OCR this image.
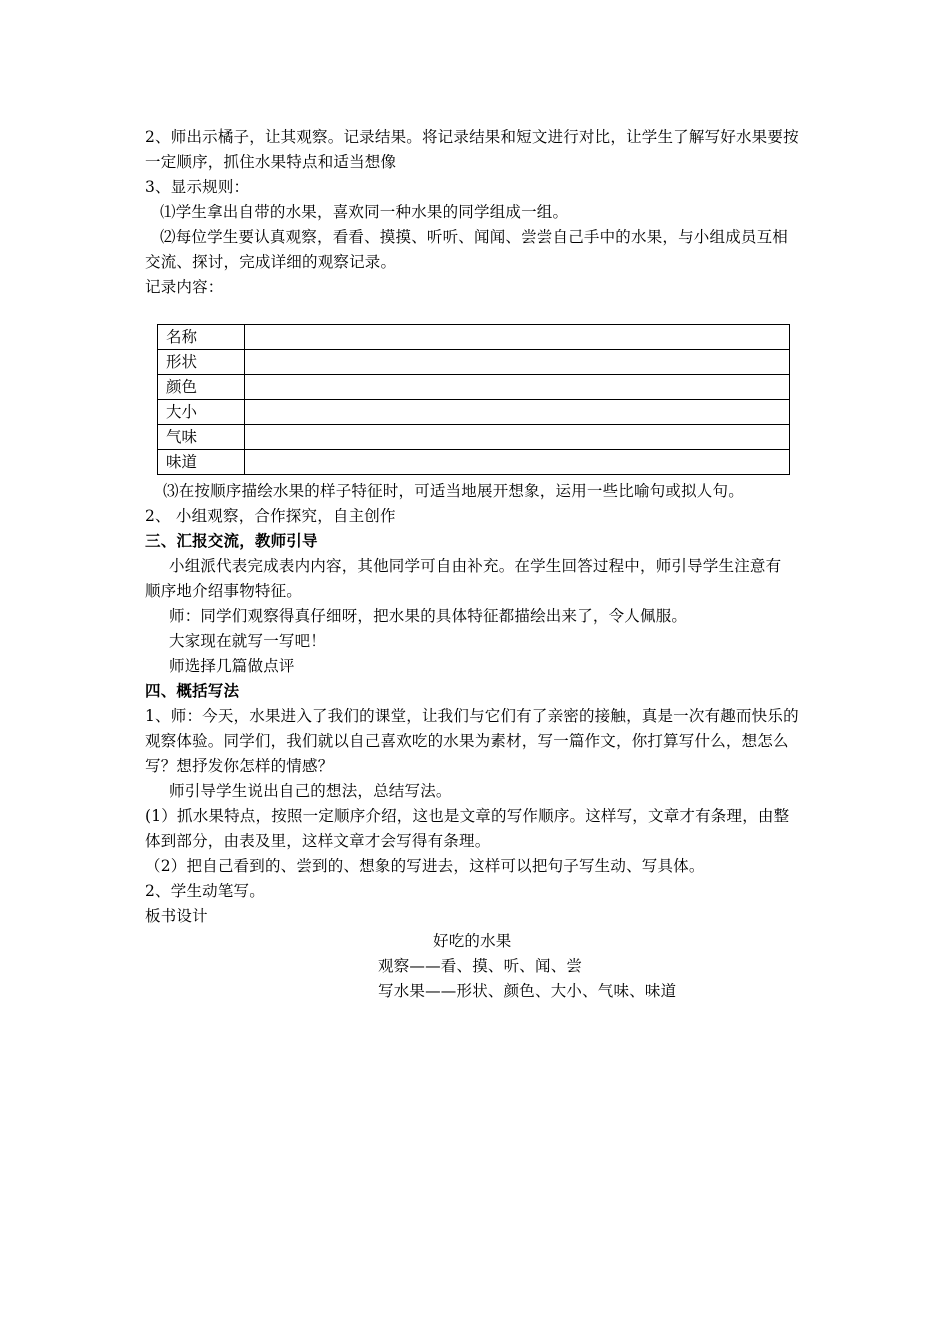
2、师出示橘子，让其观察。记录结果。将记录结果和短文进行对比，让学生了解写好水果要按
一定顺序，抓住水果特点和适当想像
3、显示规则：
⑴学生拿出自带的水果，喜欢同一种水果的同学组成一组。
⑵每位学生要认真观察，看看、摸摸、听听、闻闻、尝尝自己手中的水果，与小组成员互相
交流、探讨，完成详细的观察记录。
记录内容：
名称	
形状	
颜色	
大小	
气味	
味道	
⑶在按顺序描绘水果的样子特征时，可适当地展开想象，运用一些比喻句或拟人句。
2、 小组观察，合作探究，自主创作
三、汇报交流，教师引导
小组派代表完成表内内容，其他同学可自由补充。在学生回答过程中，师引导学生注意有
顺序地介绍事物特征。
师：同学们观察得真仔细呀，把水果的具体特征都描绘出来了，令人佩服。
大家现在就写一写吧！
师选择几篇做点评
四、概括写法
1、师：今天，水果进入了我们的课堂，让我们与它们有了亲密的接触，真是一次有趣而快乐的
观察体验。同学们，我们就以自己喜欢吃的水果为素材，写一篇作文，你打算写什么，想怎么
写？想抒发你怎样的情感？
师引导学生说出自己的想法，总结写法。
(1）抓水果特点，按照一定顺序介绍，这也是文章的写作顺序。这样写，文章才有条理，由整
体到部分，由表及里，这样文章才会写得有条理。
（2）把自己看到的、尝到的、想象的写进去，这样可以把句子写生动、写具体。
2、学生动笔写。
板书设计
好吃的水果
观察——看、摸、听、闻、尝
写水果——形状、颜色、大小、气味、味道
